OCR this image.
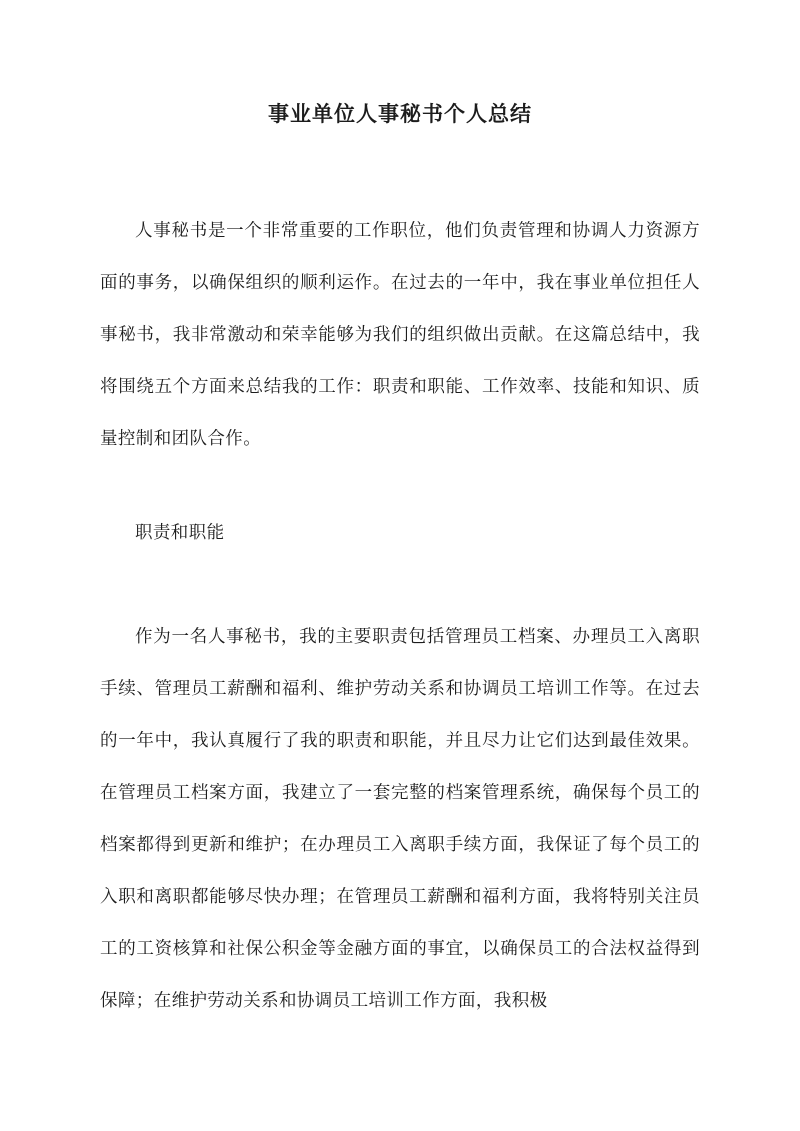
事业单位人事秘书个人总结

人事秘书是一个非常重要的工作职位，他们负责管理和协调人力资源方面的事务，以确保组织的顺利运作。在过去的一年中，我在事业单位担任人事秘书，我非常激动和荣幸能够为我们的组织做出贡献。在这篇总结中，我将围绕五个方面来总结我的工作：职责和职能、工作效率、技能和知识、质量控制和团队合作。

职责和职能

作为一名人事秘书，我的主要职责包括管理员工档案、办理员工入离职手续、管理员工薪酬和福利、维护劳动关系和协调员工培训工作等。在过去的一年中，我认真履行了我的职责和职能，并且尽力让它们达到最佳效果。在管理员工档案方面，我建立了一套完整的档案管理系统，确保每个员工的档案都得到更新和维护；在办理员工入离职手续方面，我保证了每个员工的入职和离职都能够尽快办理；在管理员工薪酬和福利方面，我将特别关注员工的工资核算和社保公积金等金融方面的事宜，以确保员工的合法权益得到保障；在维护劳动关系和协调员工培训工作方面，我积极
